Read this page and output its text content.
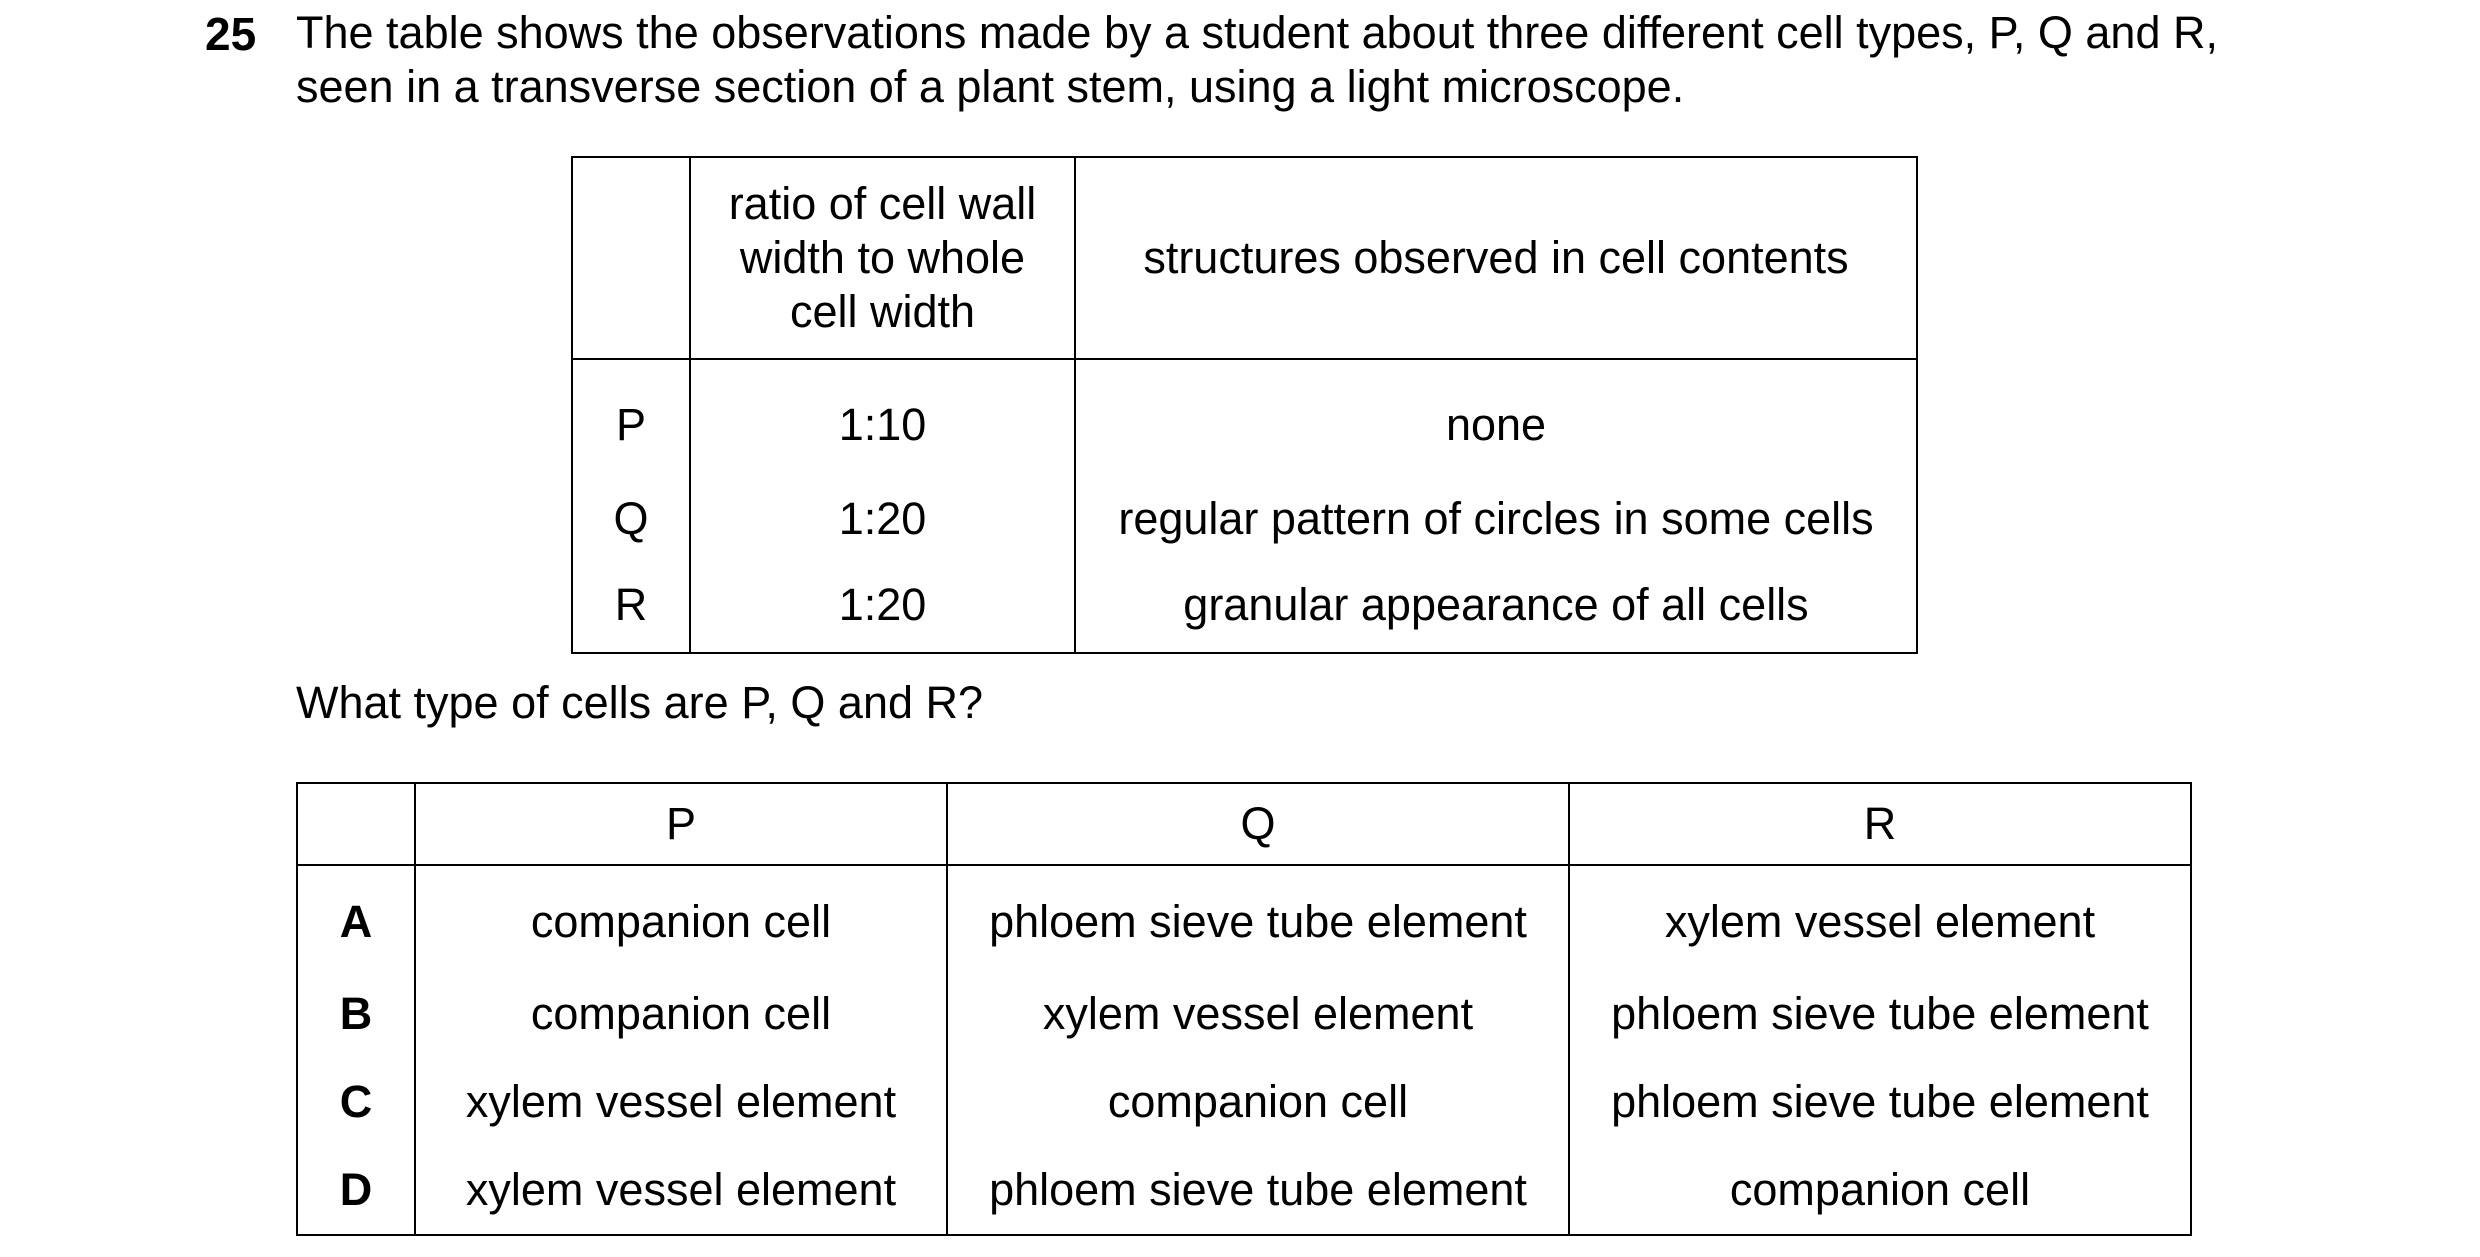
25 The table shows the observations made by a student about three different cell types, P, Q and R,
seen in a transverse section of a plant stem, using a light microscope.

	ratio of cell wall
width to whole
cell width	structures observed in cell contents
P	1:10	none
Q	1:20	regular pattern of circles in some cells
R	1:20	granular appearance of all cells
What type of cells are P, Q and R?
	P	Q	R
A	companion cell	phloem sieve tube element	xylem vessel element
B	companion cell	xylem vessel element	phloem sieve tube element
C	xylem vessel element	companion cell	phloem sieve tube element
D	xylem vessel element	phloem sieve tube element	companion cell
